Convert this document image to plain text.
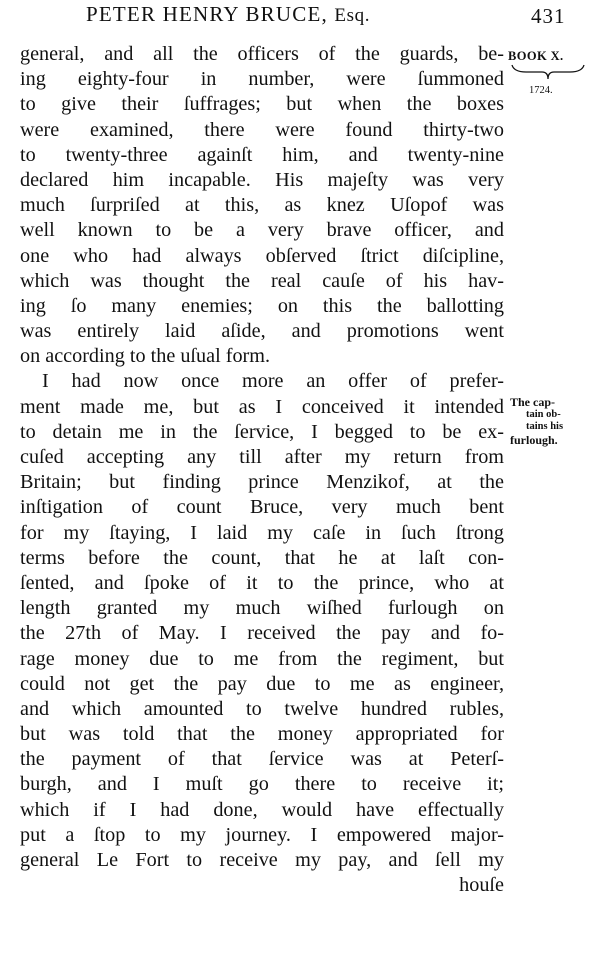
PETER HENRY BRUCE, Esq.	431
BOOK X.
1724.
The cap-
tain ob-
tains his
furlough.
general, and all the officers of the guards, be-
ing eighty-four in number, were ſummoned
to give their ſuffrages; but when the boxes
were examined, there were found thirty-two
to twenty-three againſt him, and twenty-nine
declared him incapable. His majeſty was very
much ſurpriſed at this, as knez Uſopof was
well known to be a very brave officer, and
one who had always obſerved ſtrict diſcipline,
which was thought the real cauſe of his hav-
ing ſo many enemies; on this the ballotting
was entirely laid aſide, and promotions went
on according to the uſual form.
I had now once more an offer of prefer-
ment made me, but as I conceived it intended
to detain me in the ſervice, I begged to be ex-
cuſed accepting any till after my return from
Britain; but finding prince Menzikof, at the
inſtigation of count Bruce, very much bent
for my ſtaying, I laid my caſe in ſuch ſtrong
terms before the count, that he at laſt con-
ſented, and ſpoke of it to the prince, who at
length granted my much wiſhed furlough on
the 27th of May. I received the pay and fo-
rage money due to me from the regiment, but
could not get the pay due to me as engineer,
and which amounted to twelve hundred rubles,
but was told that the money appropriated for
the payment of that ſervice was at Peterſ-
burgh, and I muſt go there to receive it;
which if I had done, would have effectually
put a ſtop to my journey. I empowered major-
general Le Fort to receive my pay, and ſell my
houſe
